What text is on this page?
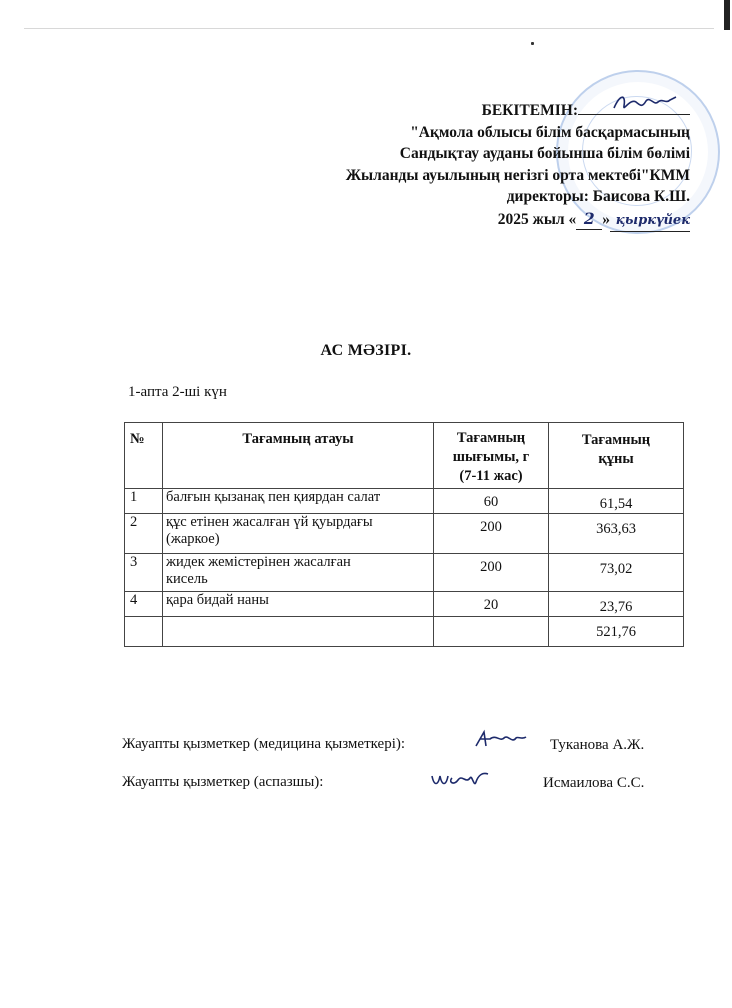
БЕКІТЕМІН:
"Ақмола облысы білім басқармасының
Сандықтау ауданы бойынша білім бөлімі
Жыланды ауылының негізгі орта мектебі"КММ
директоры: Баисова К.Ш.
2025 жыл « 2 » қыркүйек
АС МӘЗІРІ.
1-апта 2-ші күн
№	Тағамның атауы	Тағамның
шығымы, г
(7-11 жас)	Тағамның
құны
1	балғын қызанақ пен қиярдан салат	60	61,54
2	құс етінен жасалған үй қуырдағы
(жаркое)	200	363,63
3	жидек жемістерінен жасалған
кисель	200	73,02
4	қара бидай наны	20	23,76
			521,76
Жауапты қызметкер (медицина қызметкері):	Туканова А.Ж.
Жауапты қызметкер (аспазшы):	Исмаилова С.С.
